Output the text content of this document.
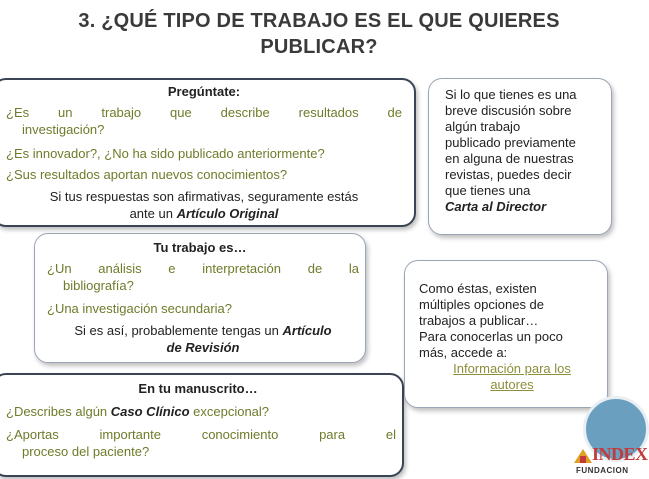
3. ¿QUÉ TIPO DE TRABAJO ES EL QUE QUIERES
PUBLICAR?
Pregúntate:
¿Es un trabajo que describe resultados de
investigación?
¿Es innovador?, ¿No ha sido publicado anteriormente?
¿Sus resultados aportan nuevos conocimientos?
Si tus respuestas son afirmativas, seguramente estás
ante un Artículo Original
Tu trabajo es…
¿Un análisis e interpretación de la
bibliografía?
¿Una investigación secundaria?
Si es así, probablemente tengas un Artículo
de Revisión
En tu manuscrito…
¿Describes algún Caso Clínico excepcional?
¿Aportas importante conocimiento para el
proceso del paciente?
Si lo que tienes es una
breve discusión sobre
algún trabajo
publicado previamente
en alguna de nuestras
revistas, puedes decir
que tienes una
Carta al Director
Como éstas, existen
múltiples opciones de
trabajos a publicar…
Para conocerlas un poco
más, accede a:
Información para los
autores
INDEX
FUNDACION
